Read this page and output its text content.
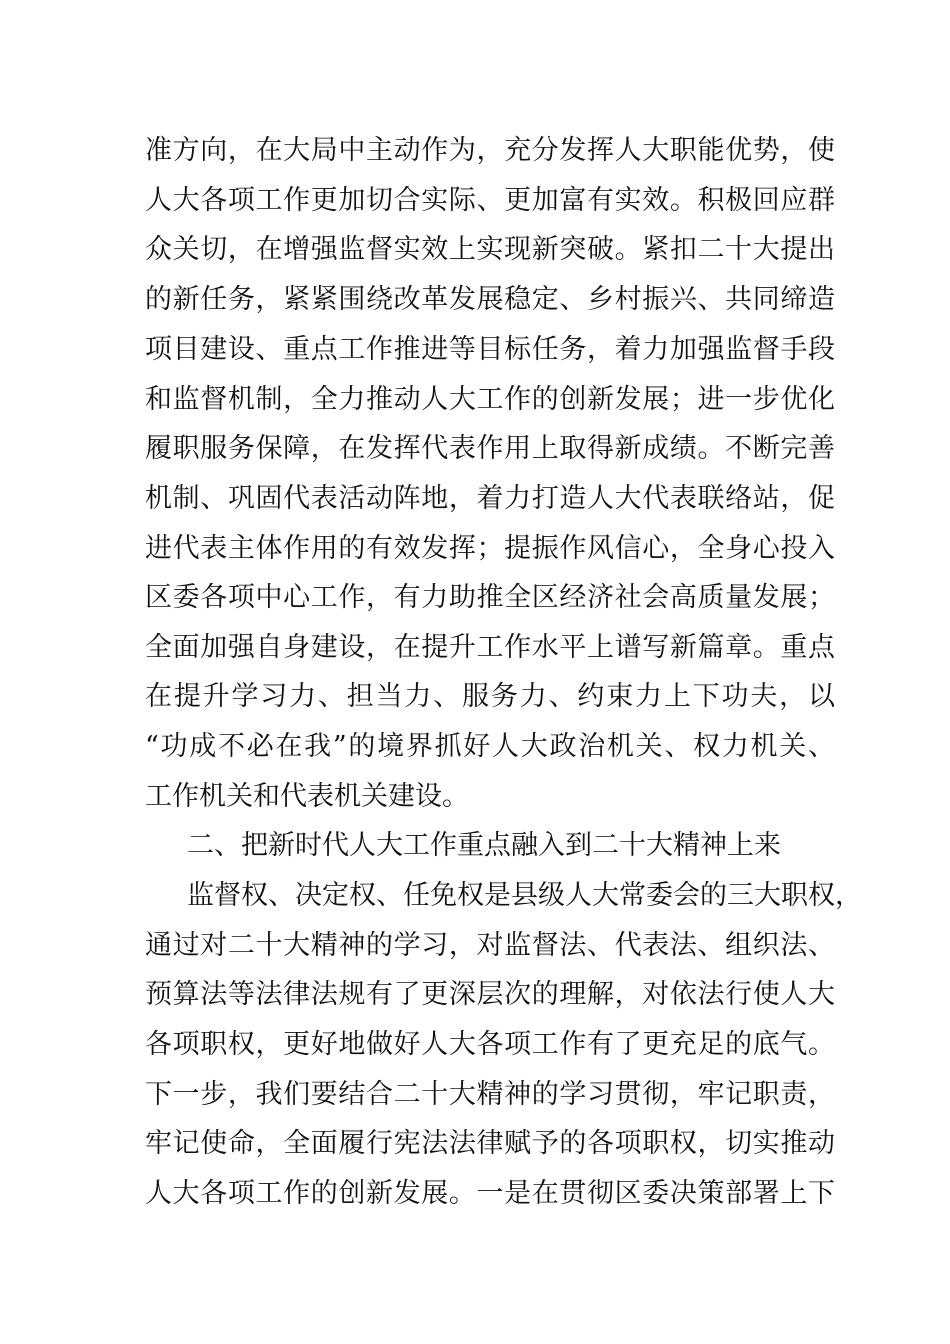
准方向，在大局中主动作为，充分发挥人大职能优势，使
人大各项工作更加切合实际、更加富有实效。积极回应群
众关切，在增强监督实效上实现新突破。紧扣二十大提出
的新任务，紧紧围绕改革发展稳定、乡村振兴、共同缔造
项目建设、重点工作推进等目标任务，着力加强监督手段
和监督机制，全力推动人大工作的创新发展；进一步优化
履职服务保障，在发挥代表作用上取得新成绩。不断完善
机制、巩固代表活动阵地，着力打造人大代表联络站，促
进代表主体作用的有效发挥；提振作风信心，全身心投入
区委各项中心工作，有力助推全区经济社会高质量发展；
全面加强自身建设，在提升工作水平上谱写新篇章。重点
在提升学习力、担当力、服务力、约束力上下功夫，以
“功成不必在我”的境界抓好人大政治机关、权力机关、
工作机关和代表机关建设。
二、把新时代人大工作重点融入到二十大精神上来
监督权、决定权、任免权是县级人大常委会的三大职权，
通过对二十大精神的学习，对监督法、代表法、组织法、
预算法等法律法规有了更深层次的理解，对依法行使人大
各项职权，更好地做好人大各项工作有了更充足的底气。
下一步，我们要结合二十大精神的学习贯彻，牢记职责，
牢记使命，全面履行宪法法律赋予的各项职权，切实推动
人大各项工作的创新发展。一是在贯彻区委决策部署上下
